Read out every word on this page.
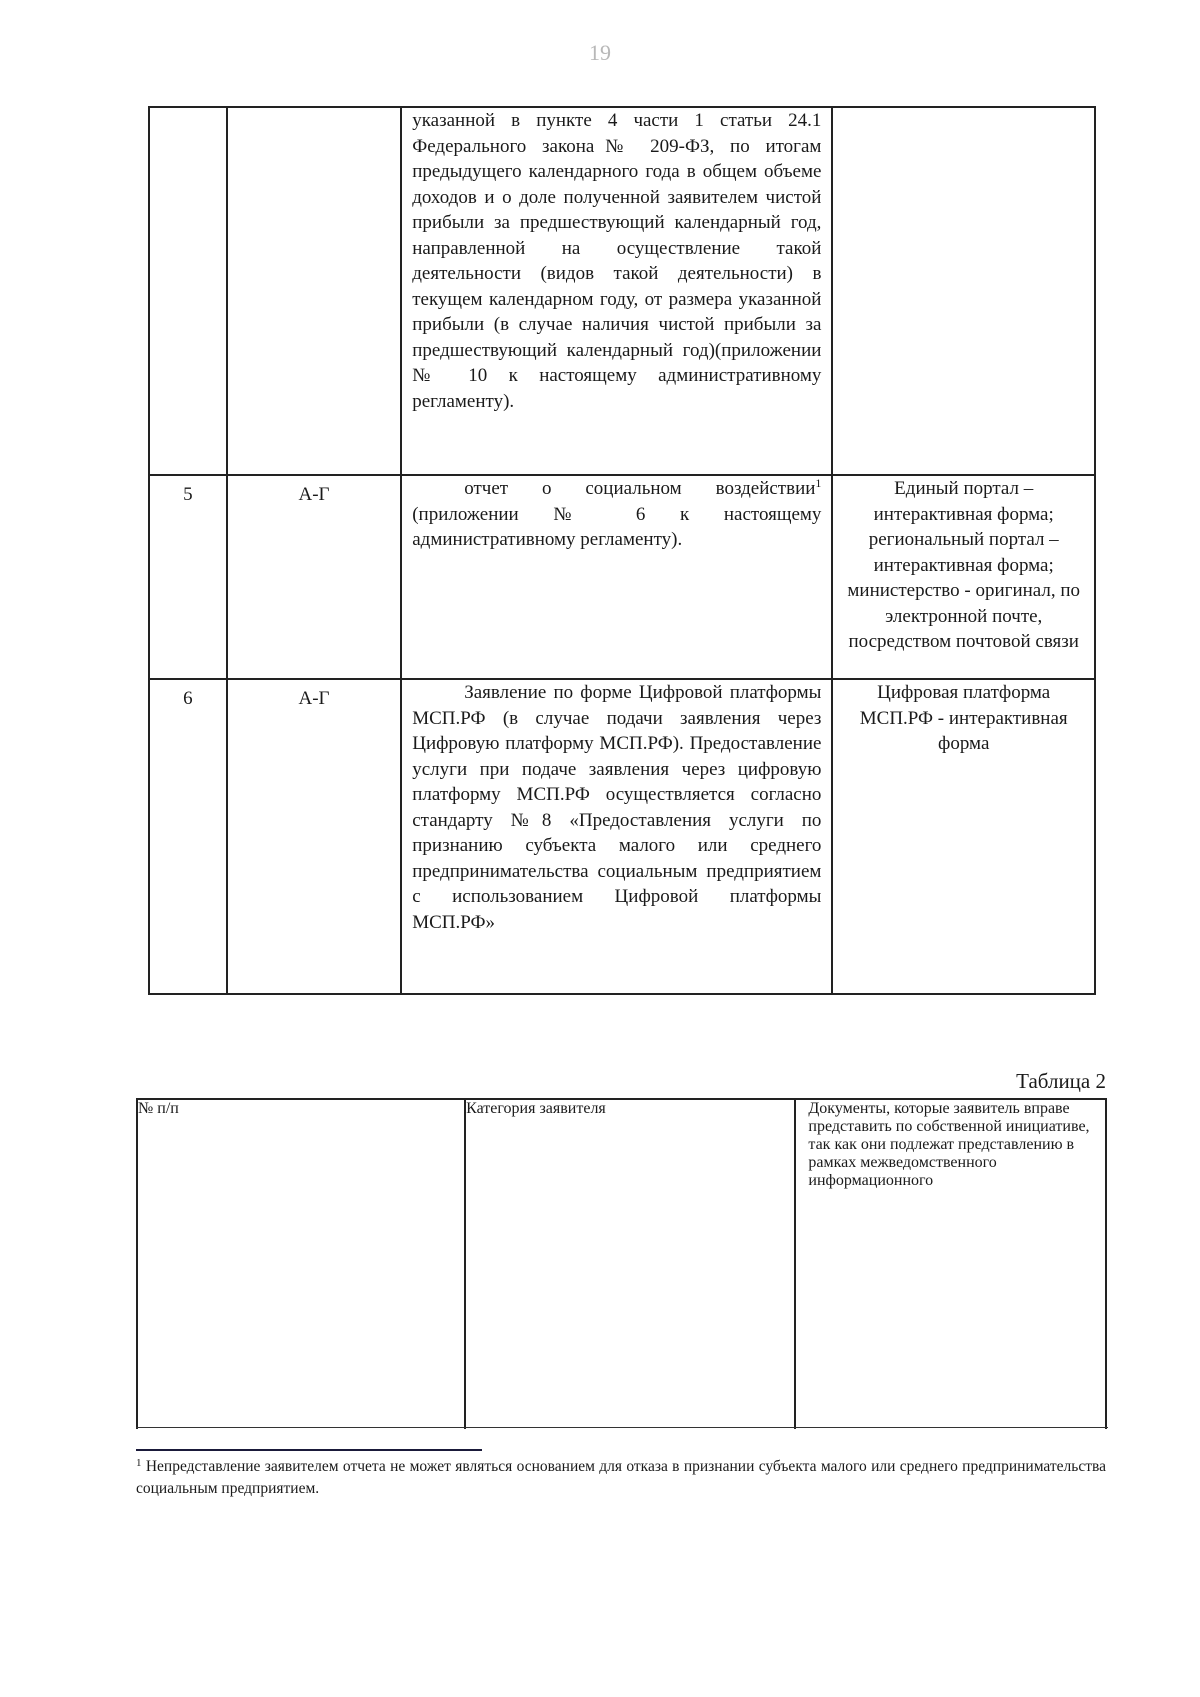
19
		указанной в пункте 4 части 1 статьи 24.1 Федерального закона№ 209-ФЗ, по итогам предыдущего календарного года в общем объеме доходов и о доле полученной заявителем чистой прибыли за предшествующий календарный год, направленной на осуществление такой деятельности (видов такой деятельности) в текущем календарном году, от размера указанной прибыли (в случае наличия чистой прибыли за предшествующий календарный год)(приложении № 10 к настоящему административному регламенту).	
5	А-Г	отчет о социальном воздействии$^1$ (приложении № 6 к настоящему административному регламенту).	Единый портал – интерактивная форма; региональный портал – интерактивная форма; министерство - оригинал, по электронной почте, посредством почтовой связи
6	А-Г	Заявление по форме Цифровой платформы МСП.РФ (в случае подачи заявления через Цифровую платформу МСП.РФ). Предоставление услуги при подаче заявления через цифровую платформу МСП.РФ осуществляется согласно стандарту №8 «Предоставления услуги по признанию субъекта малого или среднего предпринимательства социальным предприятием с использованием Цифровой платформы МСП.РФ»	Цифровая платформа МСП.РФ - интерактивная форма
Таблица 2
№ п/п	Категория заявителя	Документы, которые заявитель вправе представить по собственной инициативе, так как они подлежат представлению в рамках межведомственного информационного
$^1$ Непредставление заявителем отчета не может являться основанием для отказа в признании субъекта малого или среднего предпринимательства социальным предприятием.
